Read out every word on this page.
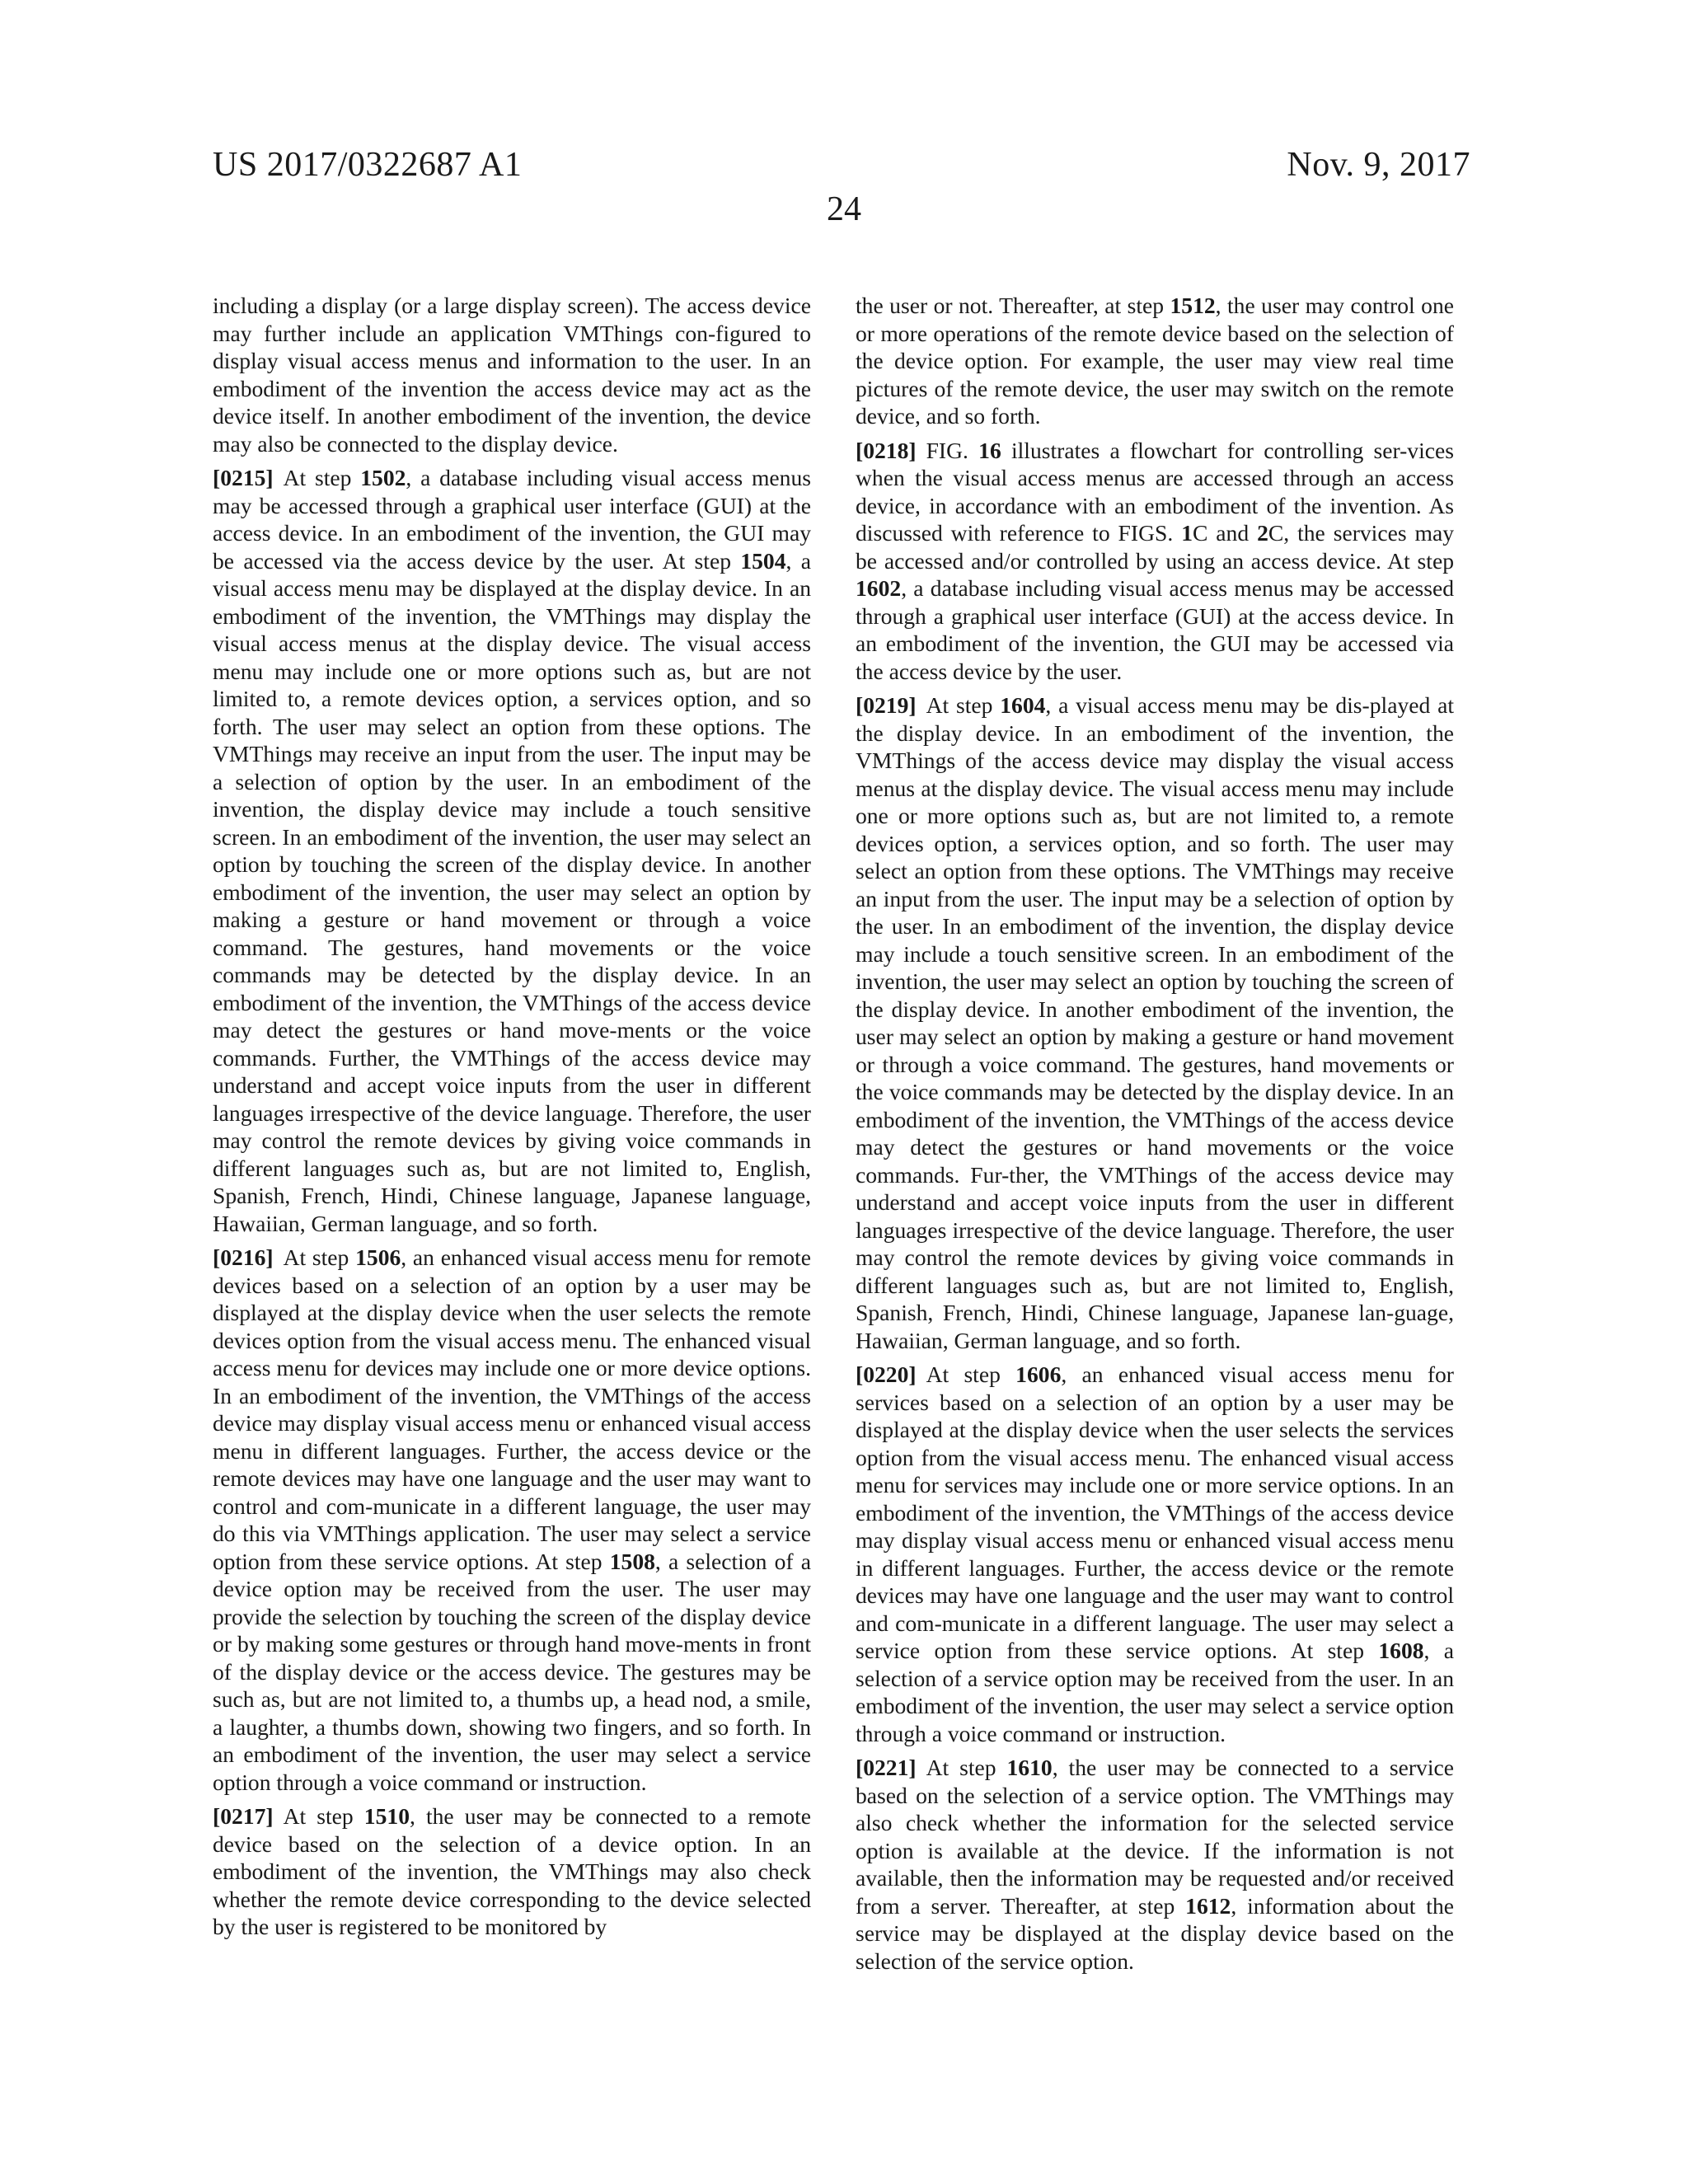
US 2017/0322687 A1	Nov. 9, 2017
24

including a display (or a large display screen). The access device may further include an application VMThings con-figured to display visual access menus and information to the user. In an embodiment of the invention the access device may act as the device itself. In another embodiment of the invention, the device may also be connected to the display device.

[0215] At step 1502, a database including visual access menus may be accessed through a graphical user interface (GUI) at the access device. In an embodiment of the invention, the GUI may be accessed via the access device by the user. At step 1504, a visual access menu may be displayed at the display device. In an embodiment of the invention, the VMThings may display the visual access menus at the display device. The visual access menu may include one or more options such as, but are not limited to, a remote devices option, a services option, and so forth. The user may select an option from these options. The VMThings may receive an input from the user. The input may be a selection of option by the user. In an embodiment of the invention, the display device may include a touch sensitive screen. In an embodiment of the invention, the user may select an option by touching the screen of the display device. In another embodiment of the invention, the user may select an option by making a gesture or hand movement or through a voice command. The gestures, hand movements or the voice commands may be detected by the display device. In an embodiment of the invention, the VMThings of the access device may detect the gestures or hand move-ments or the voice commands. Further, the VMThings of the access device may understand and accept voice inputs from the user in different languages irrespective of the device language. Therefore, the user may control the remote devices by giving voice commands in different languages such as, but are not limited to, English, Spanish, French, Hindi, Chinese language, Japanese language, Hawaiian, German language, and so forth.

[0216] At step 1506, an enhanced visual access menu for remote devices based on a selection of an option by a user may be displayed at the display device when the user selects the remote devices option from the visual access menu. The enhanced visual access menu for devices may include one or more device options. In an embodiment of the invention, the VMThings of the access device may display visual access menu or enhanced visual access menu in different languages. Further, the access device or the remote devices may have one language and the user may want to control and com-municate in a different language, the user may do this via VMThings application. The user may select a service option from these service options. At step 1508, a selection of a device option may be received from the user. The user may provide the selection by touching the screen of the display device or by making some gestures or through hand move-ments in front of the display device or the access device. The gestures may be such as, but are not limited to, a thumbs up, a head nod, a smile, a laughter, a thumbs down, showing two fingers, and so forth. In an embodiment of the invention, the user may select a service option through a voice command or instruction.

[0217] At step 1510, the user may be connected to a remote device based on the selection of a device option. In an embodiment of the invention, the VMThings may also check whether the remote device corresponding to the device selected by the user is registered to be monitored by

the user or not. Thereafter, at step 1512, the user may control one or more operations of the remote device based on the selection of the device option. For example, the user may view real time pictures of the remote device, the user may switch on the remote device, and so forth.

[0218] FIG. 16 illustrates a flowchart for controlling ser-vices when the visual access menus are accessed through an access device, in accordance with an embodiment of the invention. As discussed with reference to FIGS. 1C and 2C, the services may be accessed and/or controlled by using an access device. At step 1602, a database including visual access menus may be accessed through a graphical user interface (GUI) at the access device. In an embodiment of the invention, the GUI may be accessed via the access device by the user.

[0219] At step 1604, a visual access menu may be dis-played at the display device. In an embodiment of the invention, the VMThings of the access device may display the visual access menus at the display device. The visual access menu may include one or more options such as, but are not limited to, a remote devices option, a services option, and so forth. The user may select an option from these options. The VMThings may receive an input from the user. The input may be a selection of option by the user. In an embodiment of the invention, the display device may include a touch sensitive screen. In an embodiment of the invention, the user may select an option by touching the screen of the display device. In another embodiment of the invention, the user may select an option by making a gesture or hand movement or through a voice command. The gestures, hand movements or the voice commands may be detected by the display device. In an embodiment of the invention, the VMThings of the access device may detect the gestures or hand movements or the voice commands. Fur-ther, the VMThings of the access device may understand and accept voice inputs from the user in different languages irrespective of the device language. Therefore, the user may control the remote devices by giving voice commands in different languages such as, but are not limited to, English, Spanish, French, Hindi, Chinese language, Japanese lan-guage, Hawaiian, German language, and so forth.

[0220] At step 1606, an enhanced visual access menu for services based on a selection of an option by a user may be displayed at the display device when the user selects the services option from the visual access menu. The enhanced visual access menu for services may include one or more service options. In an embodiment of the invention, the VMThings of the access device may display visual access menu or enhanced visual access menu in different languages. Further, the access device or the remote devices may have one language and the user may want to control and com-municate in a different language. The user may select a service option from these service options. At step 1608, a selection of a service option may be received from the user. In an embodiment of the invention, the user may select a service option through a voice command or instruction.

[0221] At step 1610, the user may be connected to a service based on the selection of a service option. The VMThings may also check whether the information for the selected service option is available at the device. If the information is not available, then the information may be requested and/or received from a server. Thereafter, at step 1612, information about the service may be displayed at the display device based on the selection of the service option.
